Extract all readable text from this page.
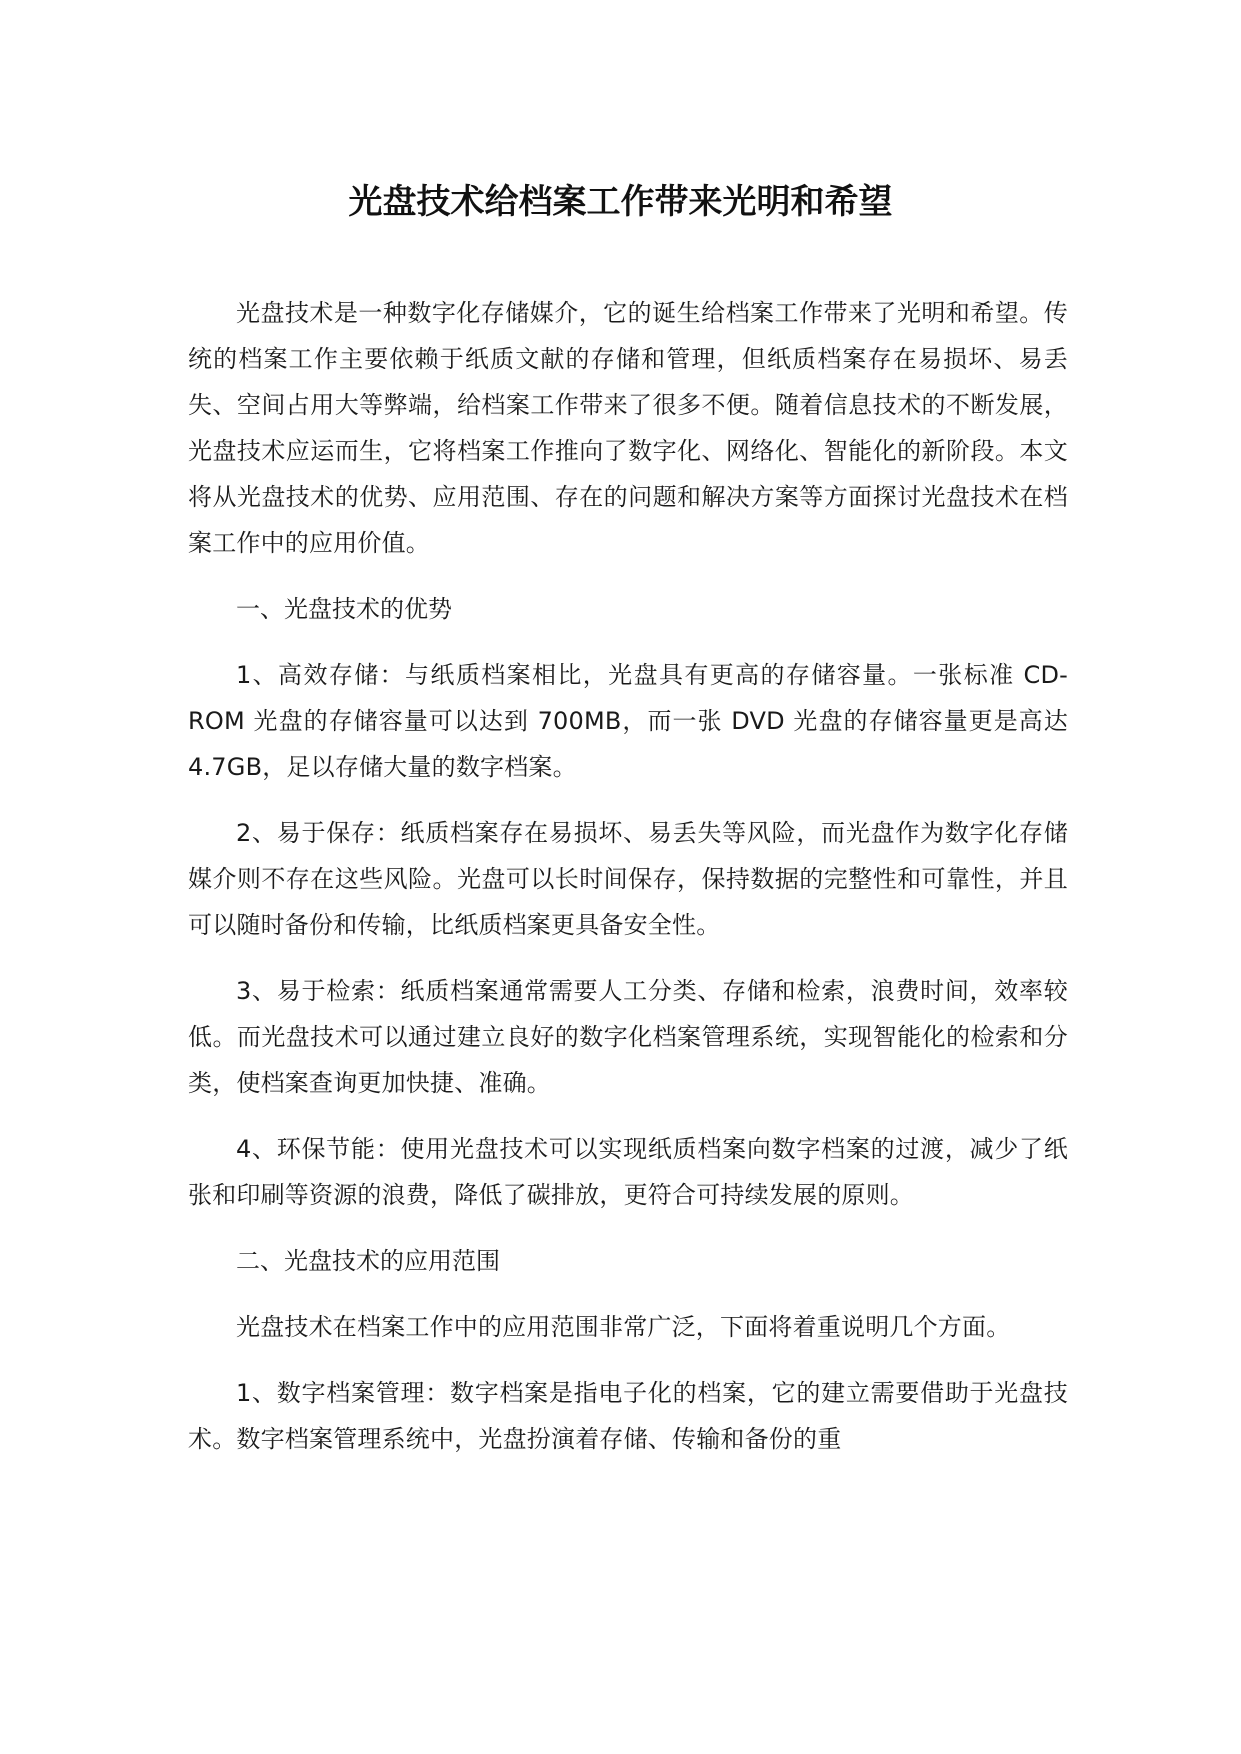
光盘技术给档案工作带来光明和希望

光盘技术是一种数字化存储媒介，它的诞生给档案工作带来了光明和希望。传统的档案工作主要依赖于纸质文献的存储和管理，但纸质档案存在易损坏、易丢失、空间占用大等弊端，给档案工作带来了很多不便。随着信息技术的不断发展，光盘技术应运而生，它将档案工作推向了数字化、网络化、智能化的新阶段。本文将从光盘技术的优势、应用范围、存在的问题和解决方案等方面探讨光盘技术在档案工作中的应用价值。

一、光盘技术的优势

1、高效存储：与纸质档案相比，光盘具有更高的存储容量。一张标准 CD-ROM 光盘的存储容量可以达到 700MB，而一张 DVD 光盘的存储容量更是高达 4.7GB，足以存储大量的数字档案。

2、易于保存：纸质档案存在易损坏、易丢失等风险，而光盘作为数字化存储媒介则不存在这些风险。光盘可以长时间保存，保持数据的完整性和可靠性，并且可以随时备份和传输，比纸质档案更具备安全性。

3、易于检索：纸质档案通常需要人工分类、存储和检索，浪费时间，效率较低。而光盘技术可以通过建立良好的数字化档案管理系统，实现智能化的检索和分类，使档案查询更加快捷、准确。

4、环保节能：使用光盘技术可以实现纸质档案向数字档案的过渡，减少了纸张和印刷等资源的浪费，降低了碳排放，更符合可持续发展的原则。

二、光盘技术的应用范围

光盘技术在档案工作中的应用范围非常广泛，下面将着重说明几个方面。

1、数字档案管理：数字档案是指电子化的档案，它的建立需要借助于光盘技术。数字档案管理系统中，光盘扮演着存储、传输和备份的重
